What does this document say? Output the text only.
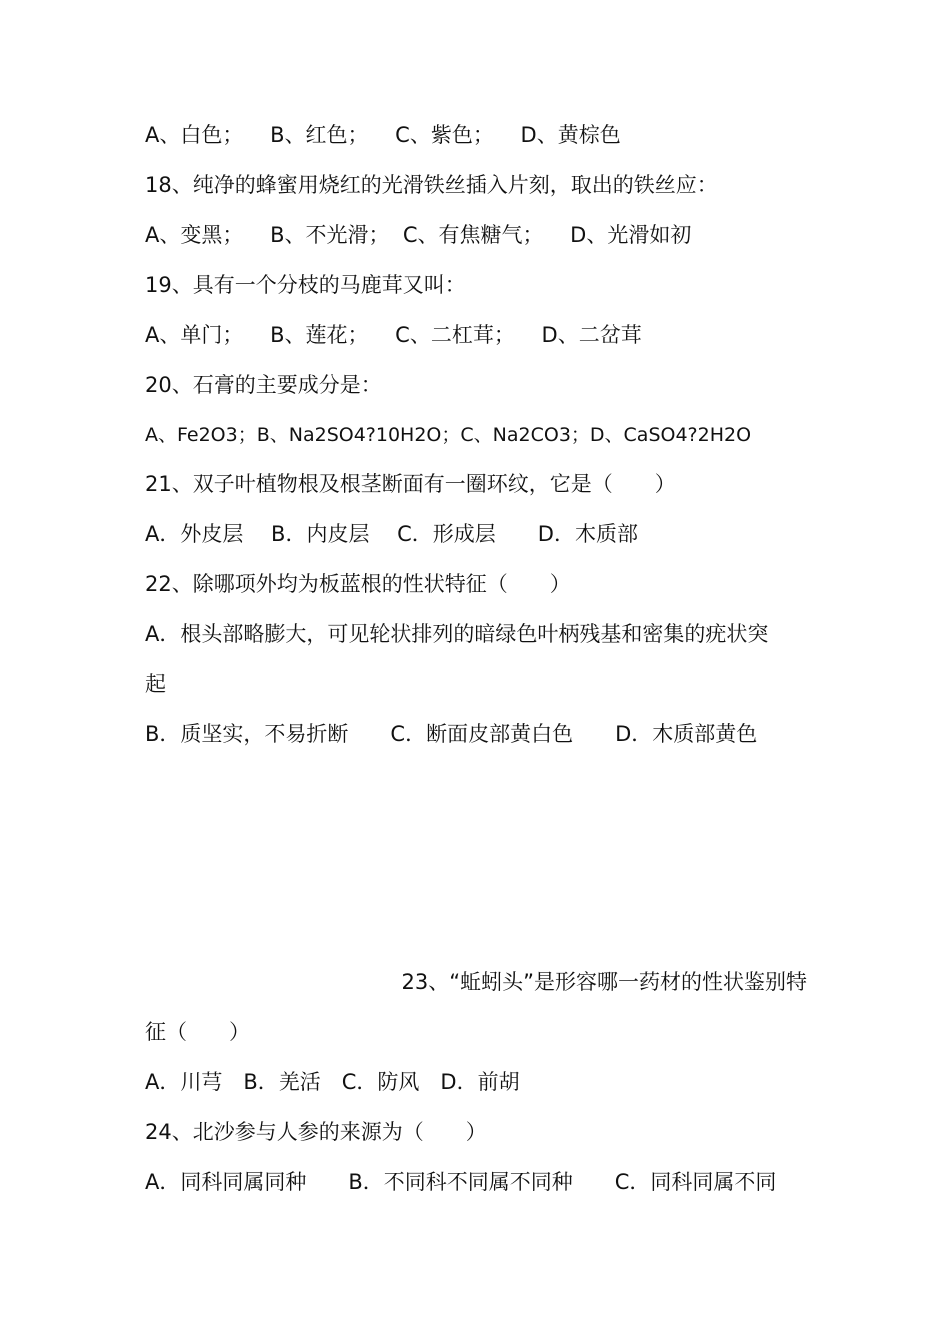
A、白色；    B、红色；    C、紫色；    D、黄棕色
18、纯净的蜂蜜用烧红的光滑铁丝插入片刻，取出的铁丝应：
A、变黑；    B、不光滑；  C、有焦糖气；    D、光滑如初
19、具有一个分枝的马鹿茸又叫：
A、单门；    B、莲花；    C、二杠茸；    D、二岔茸
20、石膏的主要成分是：
A、Fe2O3；B、Na2SO4?10H2O；C、Na2CO3；D、CaSO4?2H2O
21、双子叶植物根及根茎断面有一圈环纹，它是（　　）
A．外皮层　 B．内皮层　 C．形成层　　D．木质部
22、除哪项外均为板蓝根的性状特征（　　）
A．根头部略膨大，可见轮状排列的暗绿色叶柄残基和密集的疣状突
起
B．质坚实，不易折断　　C．断面皮部黄白色　　D．木质部黄色
23、“蚯蚓头”是形容哪一药材的性状鉴别特
征（　　）
A．川芎　B．羌活　C．防风　D．前胡
24、北沙参与人参的来源为（　　）
A．同科同属同种　　B．不同科不同属不同种　　C．同科同属不同
